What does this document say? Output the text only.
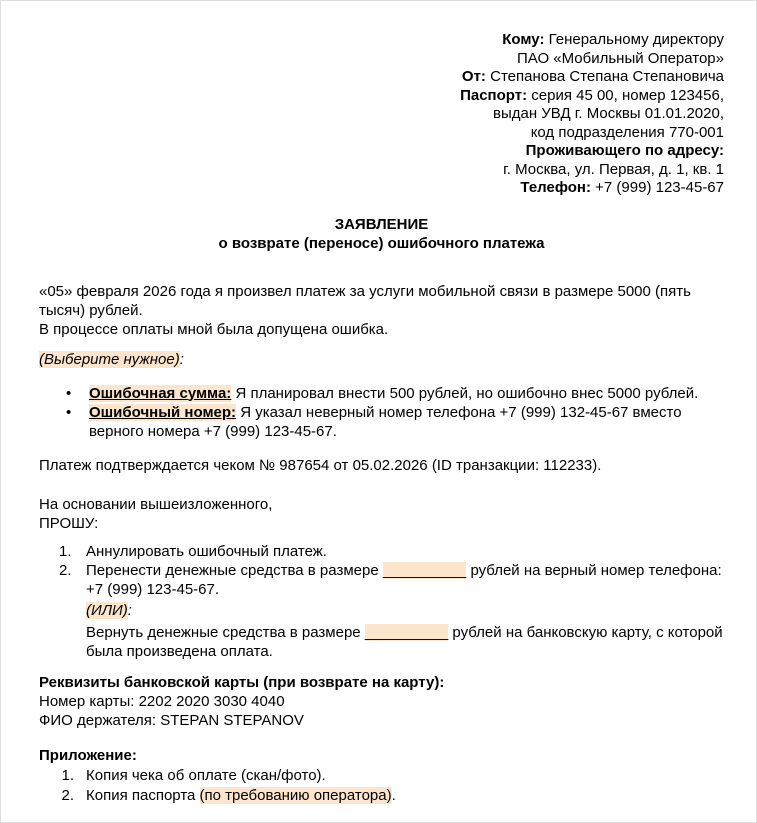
Кому: Генеральному директору
ПАО «Мобильный Оператор»
От: Степанова Степана Степановича
Паспорт: серия 45 00, номер 123456,
выдан УВД г. Москвы 01.01.2020,
код подразделения 770-001
Проживающего по адресу:
г. Москва, ул. Первая, д. 1, кв. 1
Телефон: +7 (999) 123-45-67
ЗАЯВЛЕНИЕ
о возврате (переносе) ошибочного платежа
«05» февраля 2026 года я произвел платеж за услуги мобильной связи в размере 5000 (пять тысяч) рублей.
В процессе оплаты мной была допущена ошибка.
(Выберите нужное):
•	Ошибочная сумма: Я планировал внести 500 рублей, но ошибочно внес 5000 рублей.
•	Ошибочный номер: Я указал неверный номер телефона +7 (999) 132-45-67 вместо верного номера +7 (999) 123-45-67.
Платеж подтверждается чеком № 987654 от 05.02.2026 (ID транзакции: 112233).
На основании вышеизложенного,
ПРОШУ:
1. Аннулировать ошибочный платеж.
2. Перенести денежные средства в размере __________ рублей на верный номер телефона: +7 (999) 123-45-67.
(ИЛИ):
Вернуть денежные средства в размере __________ рублей на банковскую карту, с которой была произведена оплата.
Реквизиты банковской карты (при возврате на карту):
Номер карты: 2202 2020 3030 4040
ФИО держателя: STEPAN STEPANOV
Приложение:
1. Копия чека об оплате (скан/фото).
2. Копия паспорта (по требованию оператора).
